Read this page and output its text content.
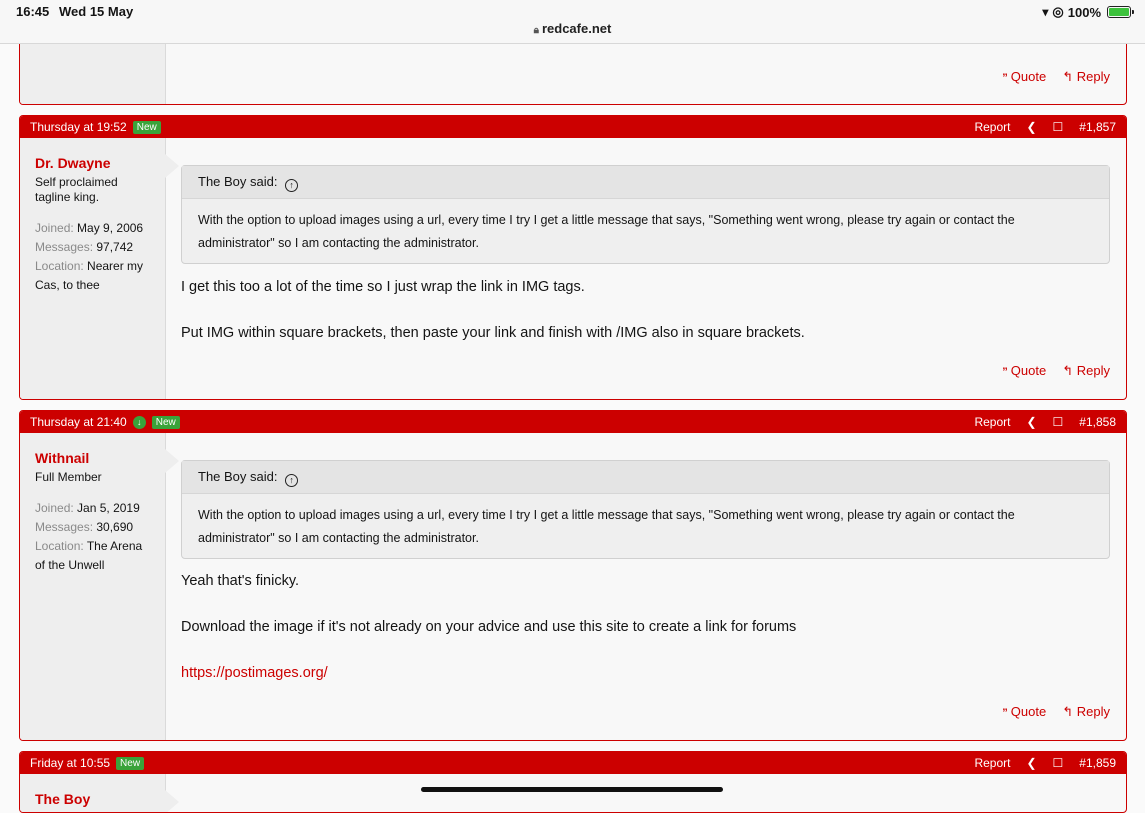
16:45 Wed 15 May	▾ ◎ 100%
🔒︎ redcafe.net
” Quote ↰ Reply
Thursday at 19:52	New	Report ❮ ☐ #1,857
Dr. Dwayne
Self proclaimed tagline king.
Joined: May 9, 2006
Messages: 97,742
Location: Nearer my Cas, to thee
The Boy said: ↑
With the option to upload images using a url, every time I try I get a little message that says, "Something went wrong, please try again or contact the administrator" so I am contacting the administrator.
I get this too a lot of the time so I just wrap the link in IMG tags.
Put IMG within square brackets, then paste your link and finish with /IMG also in square brackets.
” Quote ↰ Reply
Thursday at 21:40	↓	New	Report ❮ ☐ #1,858
Withnail
Full Member
Joined: Jan 5, 2019
Messages: 30,690
Location: The Arena of the Unwell
The Boy said: ↑
With the option to upload images using a url, every time I try I get a little message that says, "Something went wrong, please try again or contact the administrator" so I am contacting the administrator.
Yeah that's finicky.
Download the image if it's not already on your advice and use this site to create a link for forums
https://postimages.org/
” Quote ↰ Reply
Friday at 10:55	New	Report ❮ ☐ #1,859
The Boy
